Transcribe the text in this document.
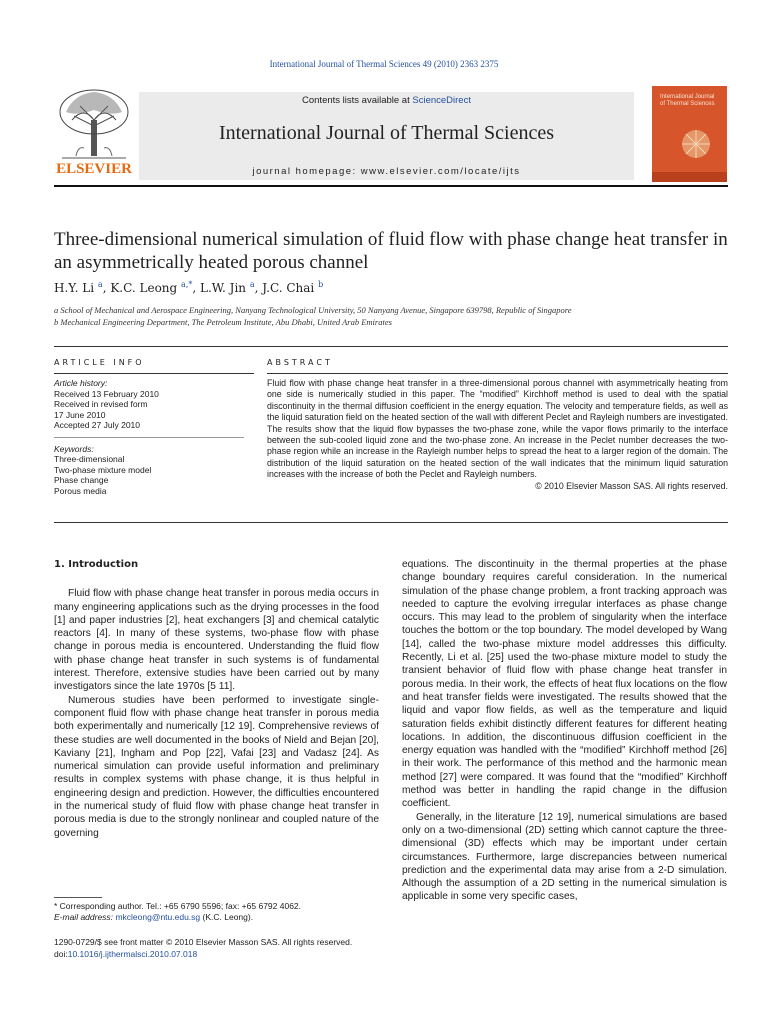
International Journal of Thermal Sciences 49 (2010) 2363 2375
ELSEVIER
Contents lists available at ScienceDirect
International Journal of Thermal Sciences
journal homepage: www.elsevier.com/locate/ijts
International Journal of Thermal Sciences
Three-dimensional numerical simulation of fluid flow with phase change heat transfer in an asymmetrically heated porous channel
H.Y. Li $^a$, K.C. Leong $^{a,*}$, L.W. Jin $^a$, J.C. Chai $^b$
a School of Mechanical and Aerospace Engineering, Nanyang Technological University, 50 Nanyang Avenue, Singapore 639798, Republic of Singapore
b Mechanical Engineering Department, The Petroleum Institute, Abu Dhabi, United Arab Emirates
ARTICLE INFO
Article history:
Received 13 February 2010
Received in revised form
17 June 2010
Accepted 27 July 2010
Keywords:
Three-dimensional
Two-phase mixture model
Phase change
Porous media
ABSTRACT
Fluid flow with phase change heat transfer in a three-dimensional porous channel with asymmetrically heating from one side is numerically studied in this paper. The “modified” Kirchhoff method is used to deal with the spatial discontinuity in the thermal diffusion coefficient in the energy equation. The velocity and temperature fields, as well as the liquid saturation field on the heated section of the wall with different Peclet and Rayleigh numbers are investigated. The results show that the liquid flow bypasses the two-phase zone, while the vapor flows primarily to the interface between the sub-cooled liquid zone and the two-phase zone. An increase in the Peclet number decreases the two-phase region while an increase in the Rayleigh number helps to spread the heat to a larger region of the domain. The distribution of the liquid saturation on the heated section of the wall indicates that the minimum liquid saturation increases with the increase of both the Peclet and Rayleigh numbers.
© 2010 Elsevier Masson SAS. All rights reserved.
1. Introduction

Fluid flow with phase change heat transfer in porous media occurs in many engineering applications such as the drying processes in the food [1] and paper industries [2], heat exchangers [3] and chemical catalytic reactors [4]. In many of these systems, two-phase flow with phase change in porous media is encountered. Understanding the fluid flow with phase change heat transfer in such systems is of fundamental interest. Therefore, extensive studies have been carried out by many investigators since the late 1970s [5 11].

Numerous studies have been performed to investigate single-component fluid flow with phase change heat transfer in porous media both experimentally and numerically [12 19]. Comprehensive reviews of these studies are well documented in the books of Nield and Bejan [20], Kaviany [21], Ingham and Pop [22], Vafai [23] and Vadasz [24]. As numerical simulation can provide useful information and preliminary results in complex systems with phase change, it is thus helpful in engineering design and prediction. However, the difficulties encountered in the numerical study of fluid flow with phase change heat transfer in porous media is due to the strongly nonlinear and coupled nature of the governing

equations. The discontinuity in the thermal properties at the phase change boundary requires careful consideration. In the numerical simulation of the phase change problem, a front tracking approach was needed to capture the evolving irregular interfaces as phase change occurs. This may lead to the problem of singularity when the interface touches the bottom or the top boundary. The model developed by Wang [14], called the two-phase mixture model addresses this difficulty. Recently, Li et al. [25] used the two-phase mixture model to study the transient behavior of fluid flow with phase change heat transfer in porous media. In their work, the effects of heat flux locations on the flow and heat transfer fields were investigated. The results showed that the liquid and vapor flow fields, as well as the temperature and liquid saturation fields exhibit distinctly different features for different heating locations. In addition, the discontinuous diffusion coefficient in the energy equation was handled with the “modified” Kirchhoff method [26] in their work. The performance of this method and the harmonic mean method [27] were compared. It was found that the “modified” Kirchhoff method was better in handling the rapid change in the diffusion coefficient.

Generally, in the literature [12 19], numerical simulations are based only on a two-dimensional (2D) setting which cannot capture the three-dimensional (3D) effects which may be important under certain circumstances. Furthermore, large discrepancies between numerical prediction and the experimental data may arise from a 2-D simulation. Although the assumption of a 2D setting in the numerical simulation is applicable in some very specific cases,

* Corresponding author. Tel.: +65 6790 5596; fax: +65 6792 4062.
E-mail address: mkcleong@ntu.edu.sg (K.C. Leong).
1290-0729/$ see front matter © 2010 Elsevier Masson SAS. All rights reserved.
doi:10.1016/j.ijthermalsci.2010.07.018
